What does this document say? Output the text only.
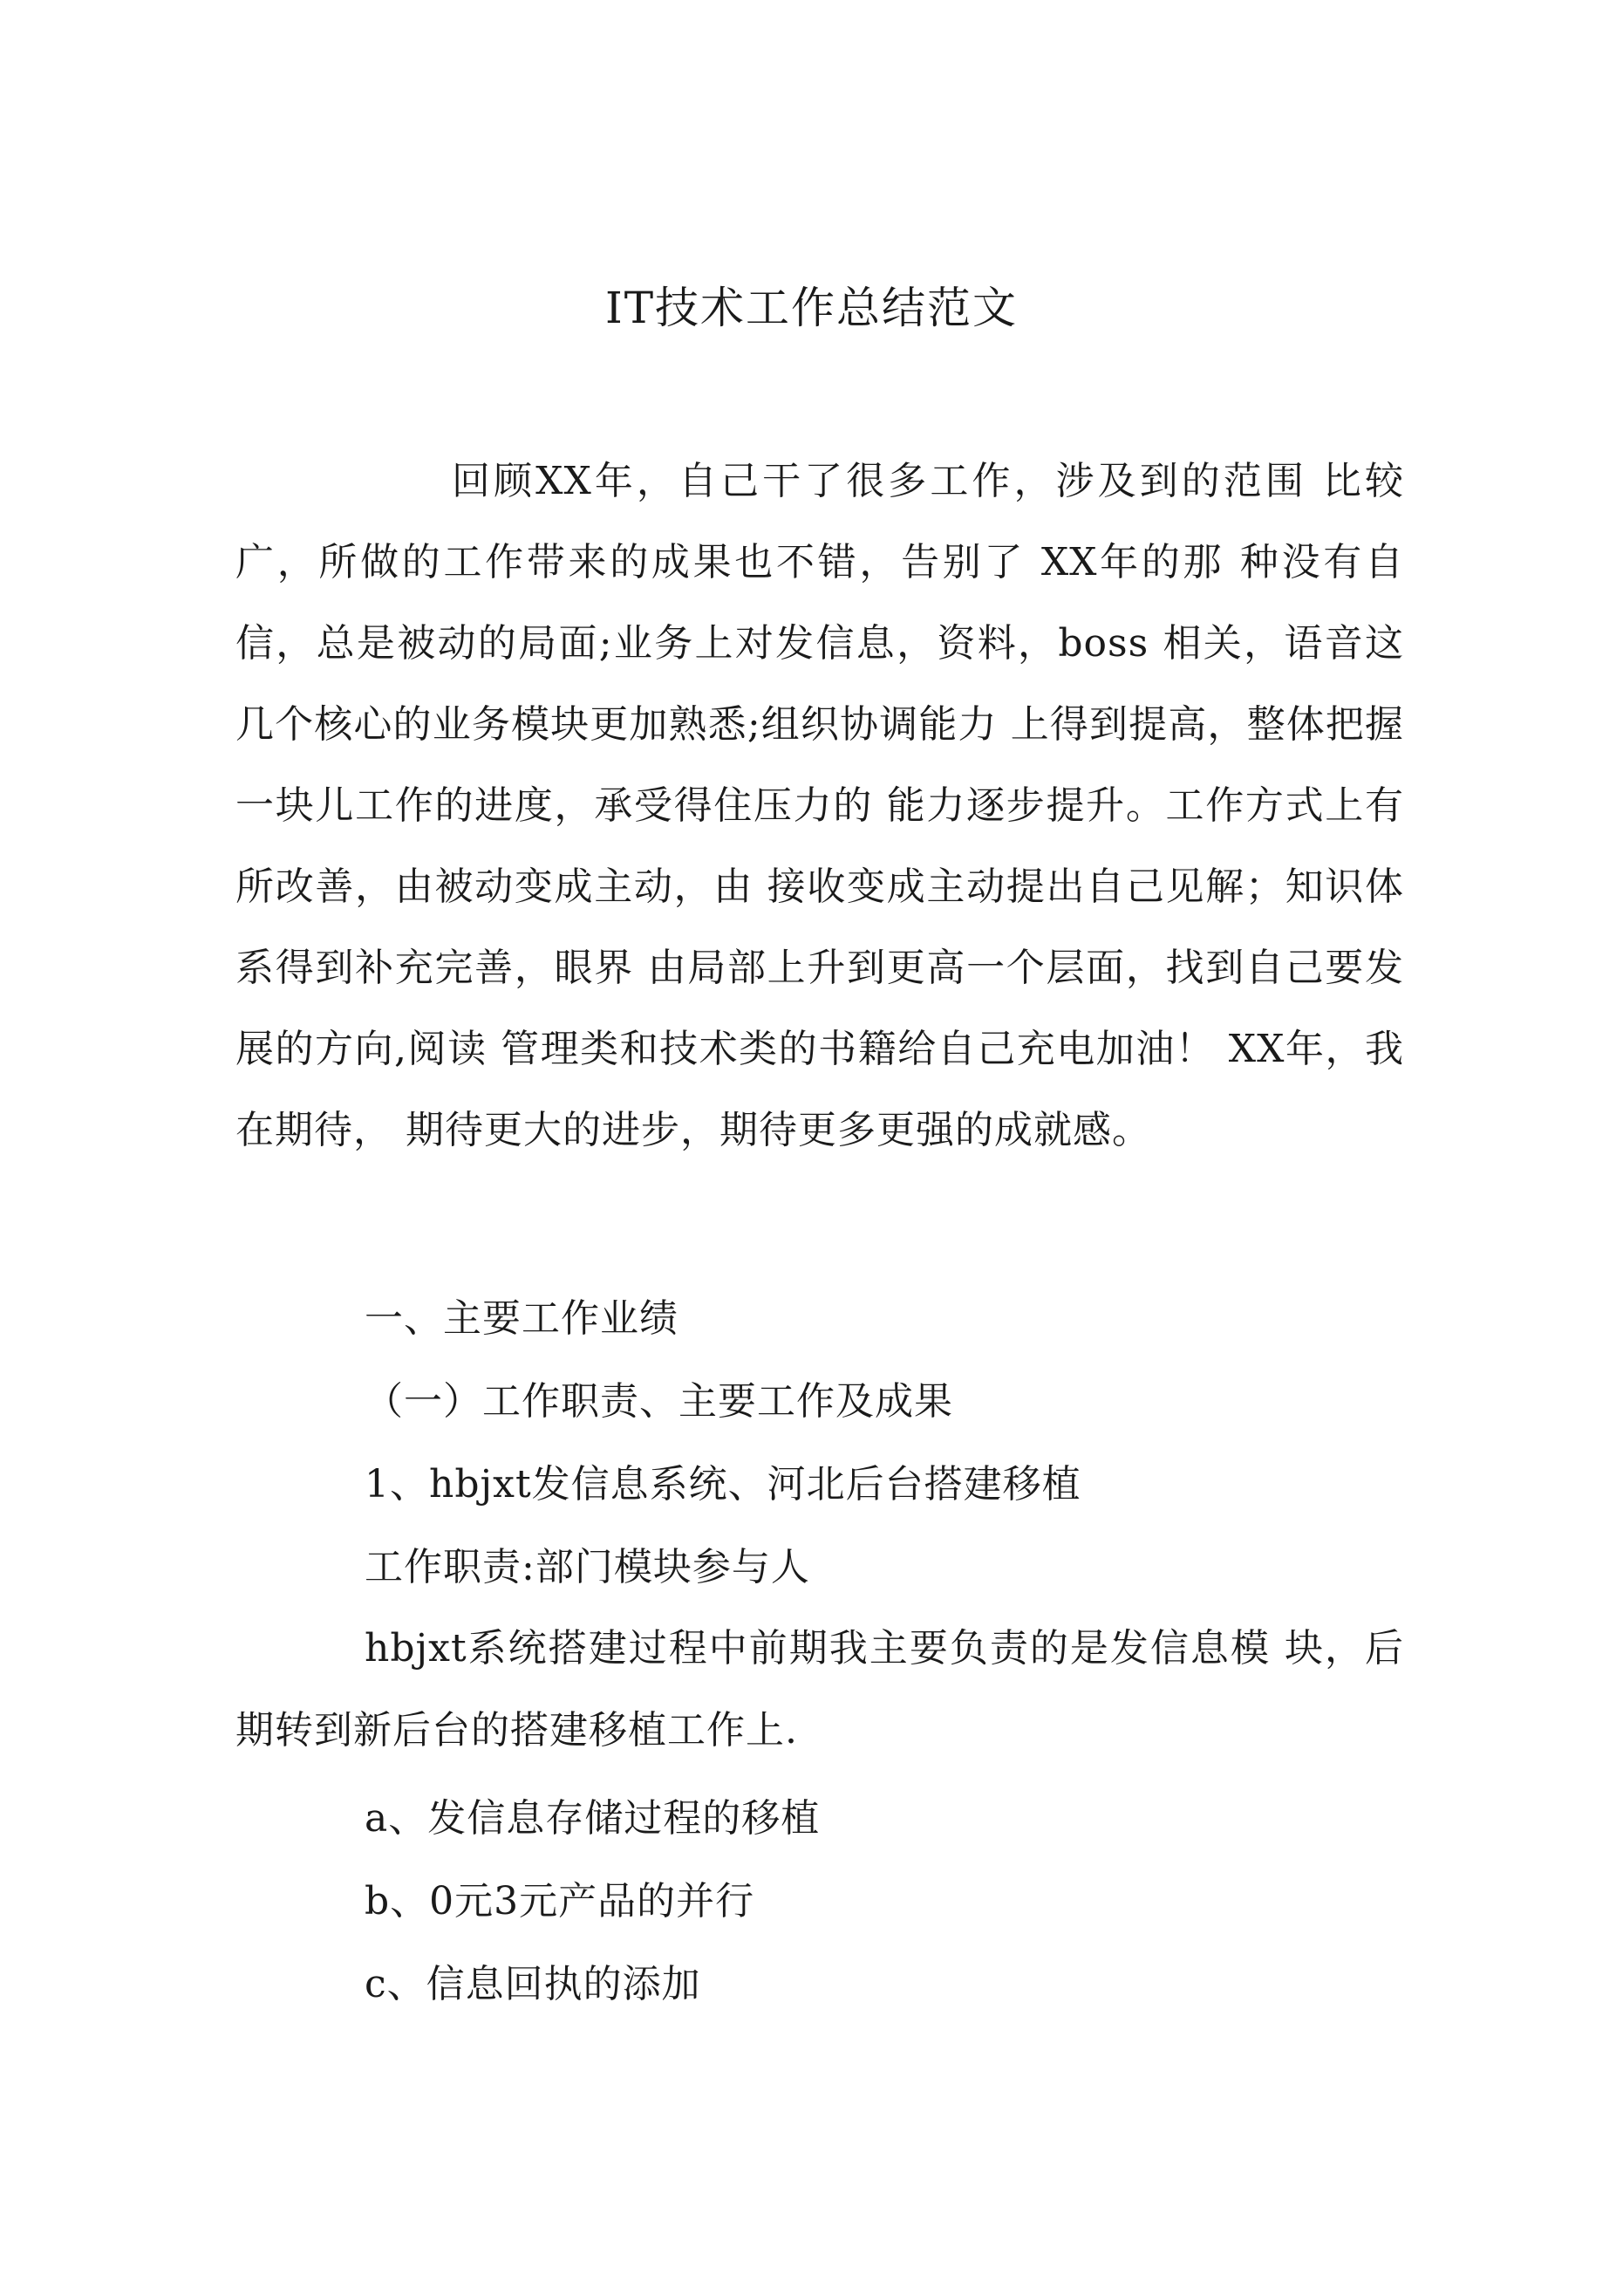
IT技术工作总结范文

回顾XX年，自己干了很多工作，涉及到的范围 比较广，所做的工作带来的成果也不错，告别了 XX年的那 种没有自信，总是被动的局面;业务上对发信息，资料，boss 相关，语音这几个核心的业务模块更加熟悉;组织协调能力 上得到提高，整体把握一块儿工作的进度，承受得住压力的 能力逐步提升。工作方式上有所改善，由被动变成主动，由 接收变成主动提出自己见解；知识体系得到补充完善，眼界 由局部上升到更高一个层面，找到自己要发展的方向,阅读 管理类和技术类的书籍给自己充电加油！ XX年，我在期待， 期待更大的进步，期待更多更强的成就感。

一、主要工作业绩

（一）工作职责、主要工作及成果

1、hbjxt发信息系统、河北后台搭建移植

工作职责:部门模块参与人

hbjxt系统搭建过程中前期我主要负责的是发信息模 块，后期转到新后台的搭建移植工作上.

a、发信息存储过程的移植

b、0元3元产品的并行

c、信息回执的添加
